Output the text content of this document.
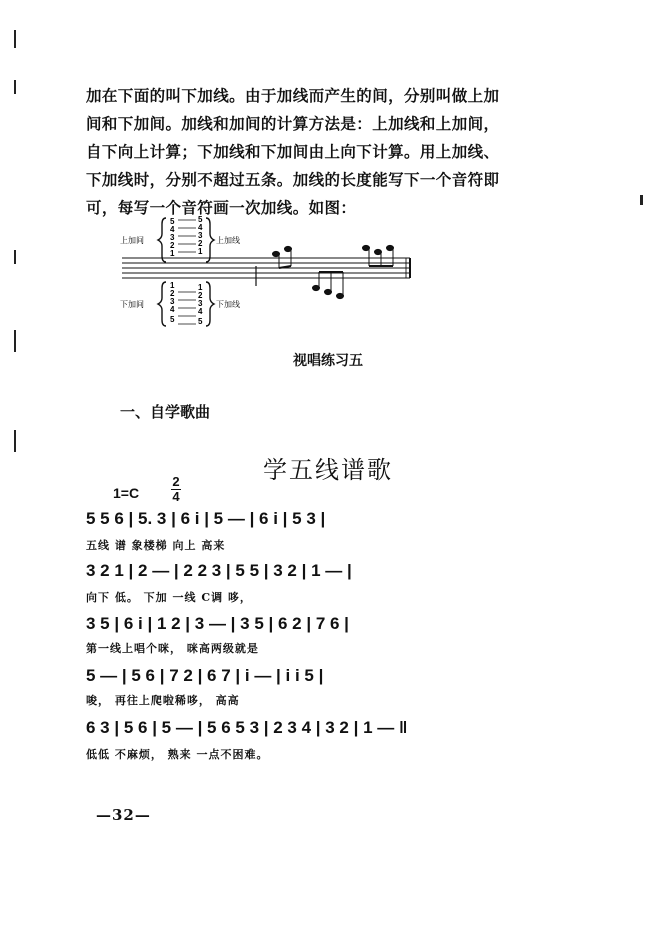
加在下面的叫下加线。由于加线而产生的间，分别叫做上加
间和下加间。加线和加间的计算方法是：上加线和上加间，
自下向上计算；下加线和下加间由上向下计算。用上加线、
下加线时，分别不超过五条。加线的长度能写下一个音符即
可，每写一个音符画一次加线。如图：
上加间
5
4
3
2
1
5
4
3
2
1
上加线
下加间
1
2
3
4
5
1
2
3
4
5
下加线
视唱练习五
一、自学歌曲
学五线谱歌
1=C
2
4
5 5 6 | 5. 3 | 6 i | 5 — | 6 i | 5 3 |
五线 谱 象楼梯 向上 高来
3 2 1 | 2 — | 2 2 3 | 5 5 | 3 2 | 1 — |
向下 低。 下加 一线 C调 哆，
3 5 | 6 i | 1 2 | 3 — | 3 5 | 6 2 | 7 6 |
第一线上唱个咪， 咪高两级就是
5 — | 5 6 | 7 2 | 6 7 | i — | i i 5 |
唆， 再往上爬啦稀哆， 高高
6 3 | 5 6 | 5 — | 5 6 5 3 | 2 3 4 | 3 2 | 1 — ‖
低低 不麻烦， 熟来 一点不困难。
—32—
